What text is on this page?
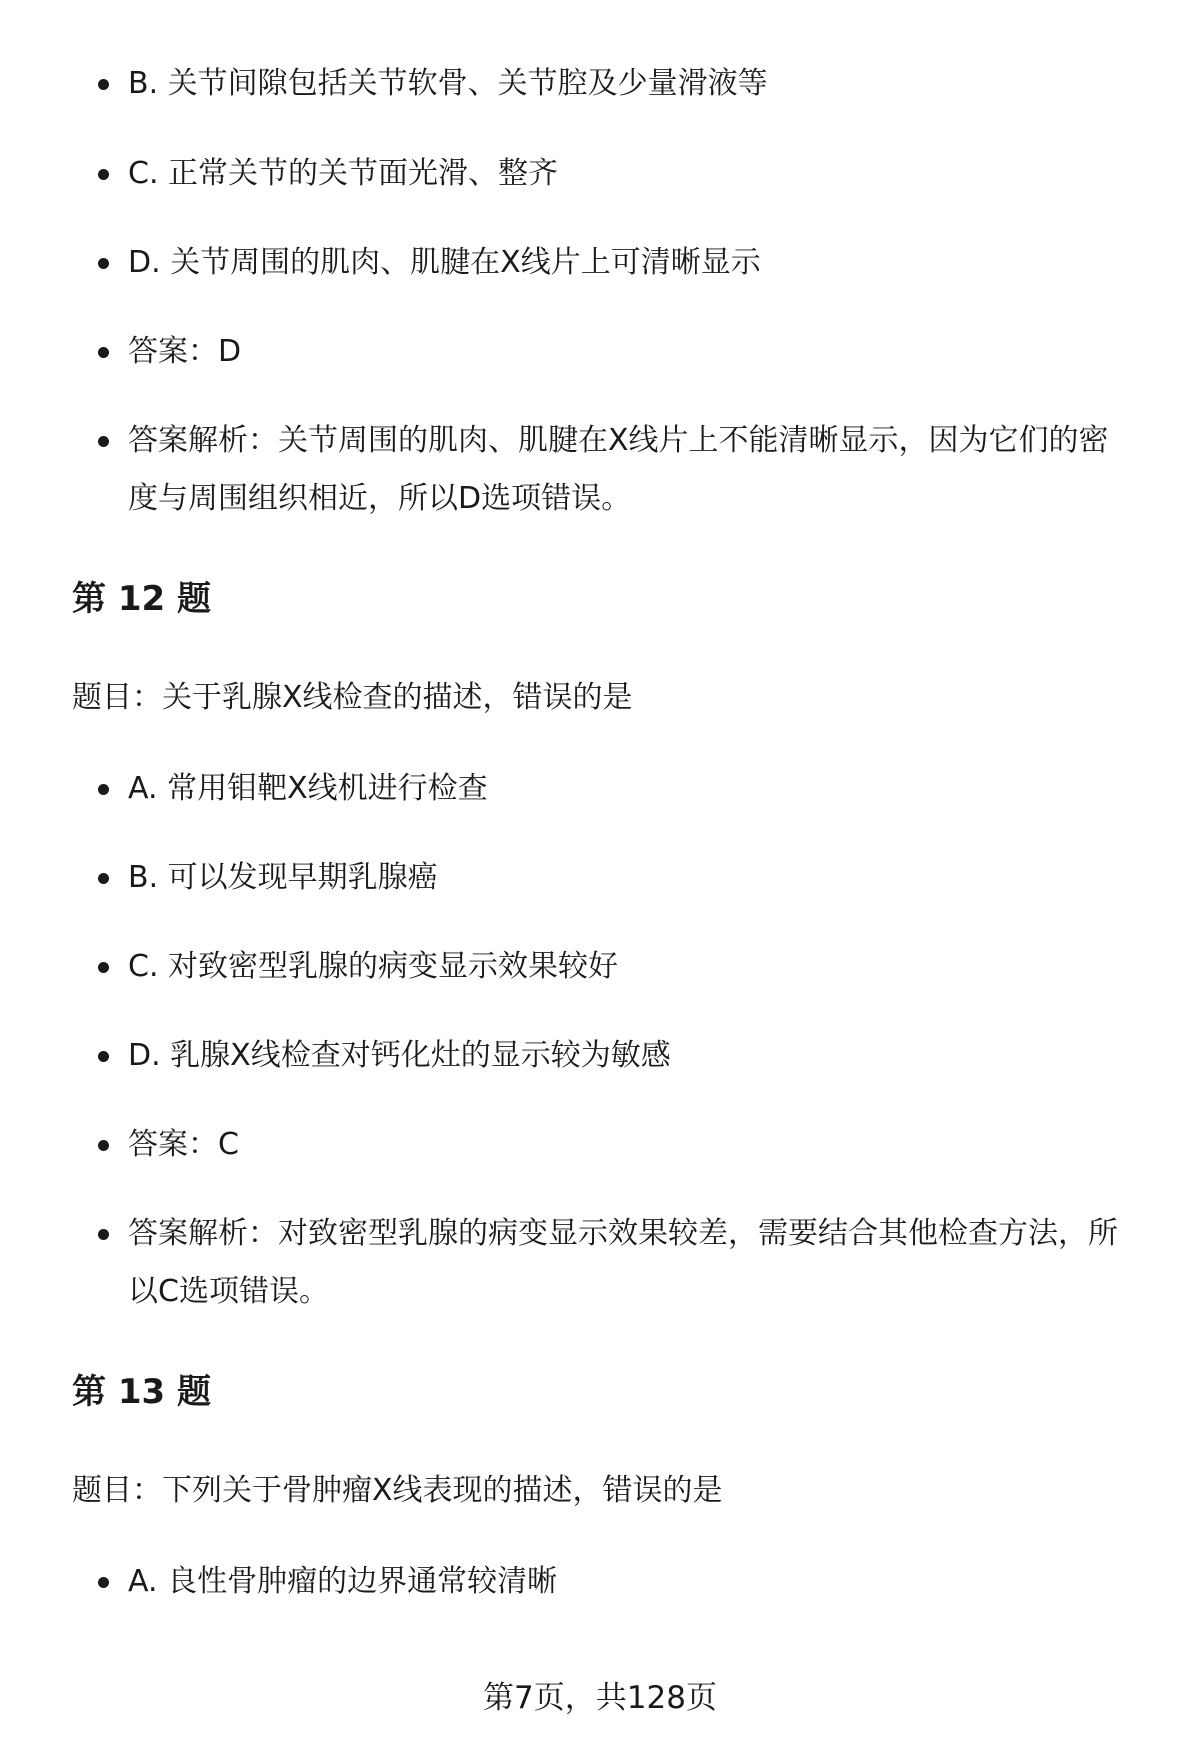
B. 关节间隙包括关节软骨、关节腔及少量滑液等
C. 正常关节的关节面光滑、整齐
D. 关节周围的肌肉、肌腱在X线片上可清晰显示
答案：D
答案解析：关节周围的肌肉、肌腱在X线片上不能清晰显示，因为它们的密度与周围组织相近，所以D选项错误。
第 12 题
题目：关于乳腺X线检查的描述，错误的是
A. 常用钼靶X线机进行检查
B. 可以发现早期乳腺癌
C. 对致密型乳腺的病变显示效果较好
D. 乳腺X线检查对钙化灶的显示较为敏感
答案：C
答案解析：对致密型乳腺的病变显示效果较差，需要结合其他检查方法，所以C选项错误。
第 13 题
题目：下列关于骨肿瘤X线表现的描述，错误的是
A. 良性骨肿瘤的边界通常较清晰
第7页，共128页
